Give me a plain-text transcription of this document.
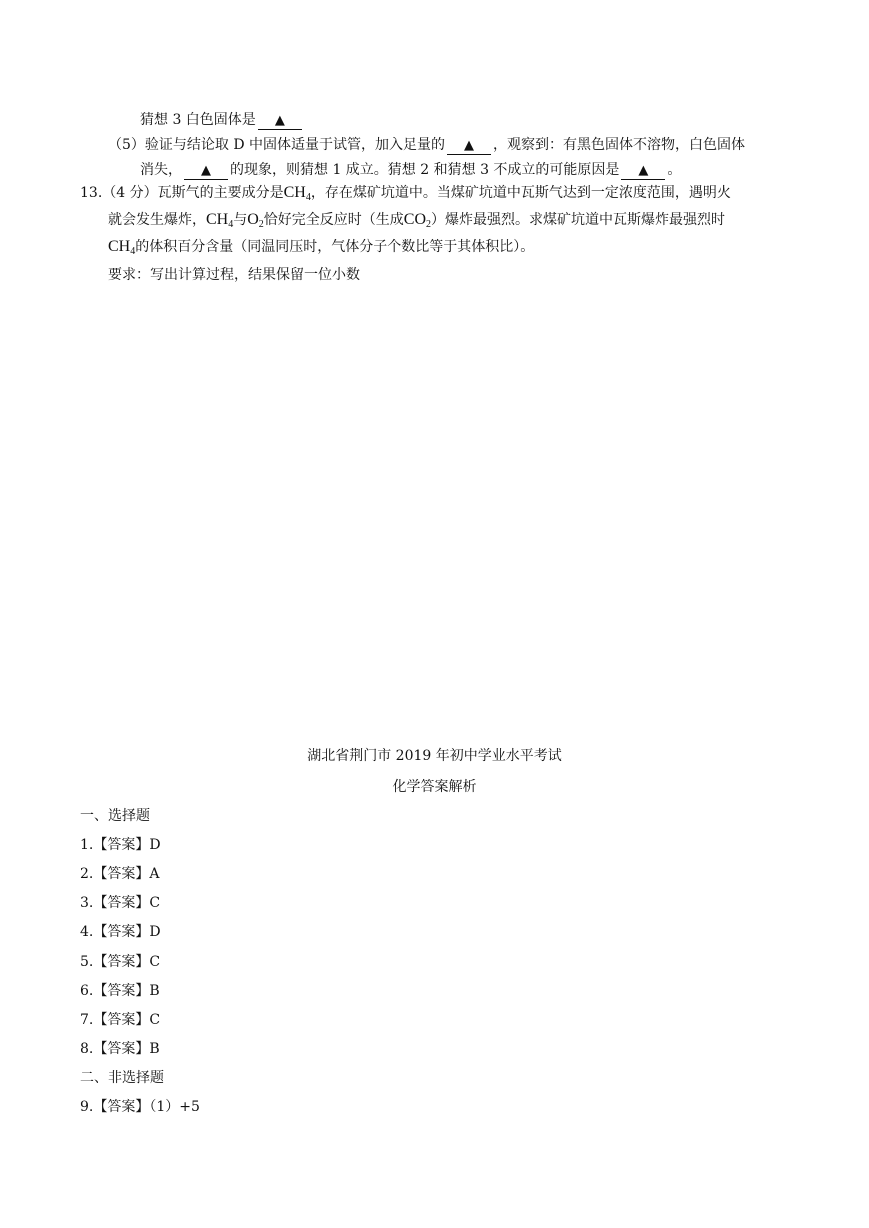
猜想 3 白色固体是 ▲
（5）验证与结论取 D 中固体适量于试管，加入足量的 ▲ ，观察到：有黑色固体不溶物，白色固体
消失， ▲ 的现象，则猜想 1 成立。猜想 2 和猜想 3 不成立的可能原因是 ▲ 。
13.（4 分）瓦斯气的主要成分是$CH_4$，存在煤矿坑道中。当煤矿坑道中瓦斯气达到一定浓度范围，遇明火
就会发生爆炸，$CH_4$与$O_2$恰好完全反应时（生成$CO_2$）爆炸最强烈。求煤矿坑道中瓦斯爆炸最强烈时
$CH_4$的体积百分含量（同温同压时，气体分子个数比等于其体积比）。
要求：写出计算过程，结果保留一位小数
湖北省荆门市 2019 年初中学业水平考试
化学答案解析
一、选择题
1.【答案】D
2.【答案】A
3.【答案】C
4.【答案】D
5.【答案】C
6.【答案】B
7.【答案】C
8.【答案】B
二、非选择题
9.【答案】（1）+5
